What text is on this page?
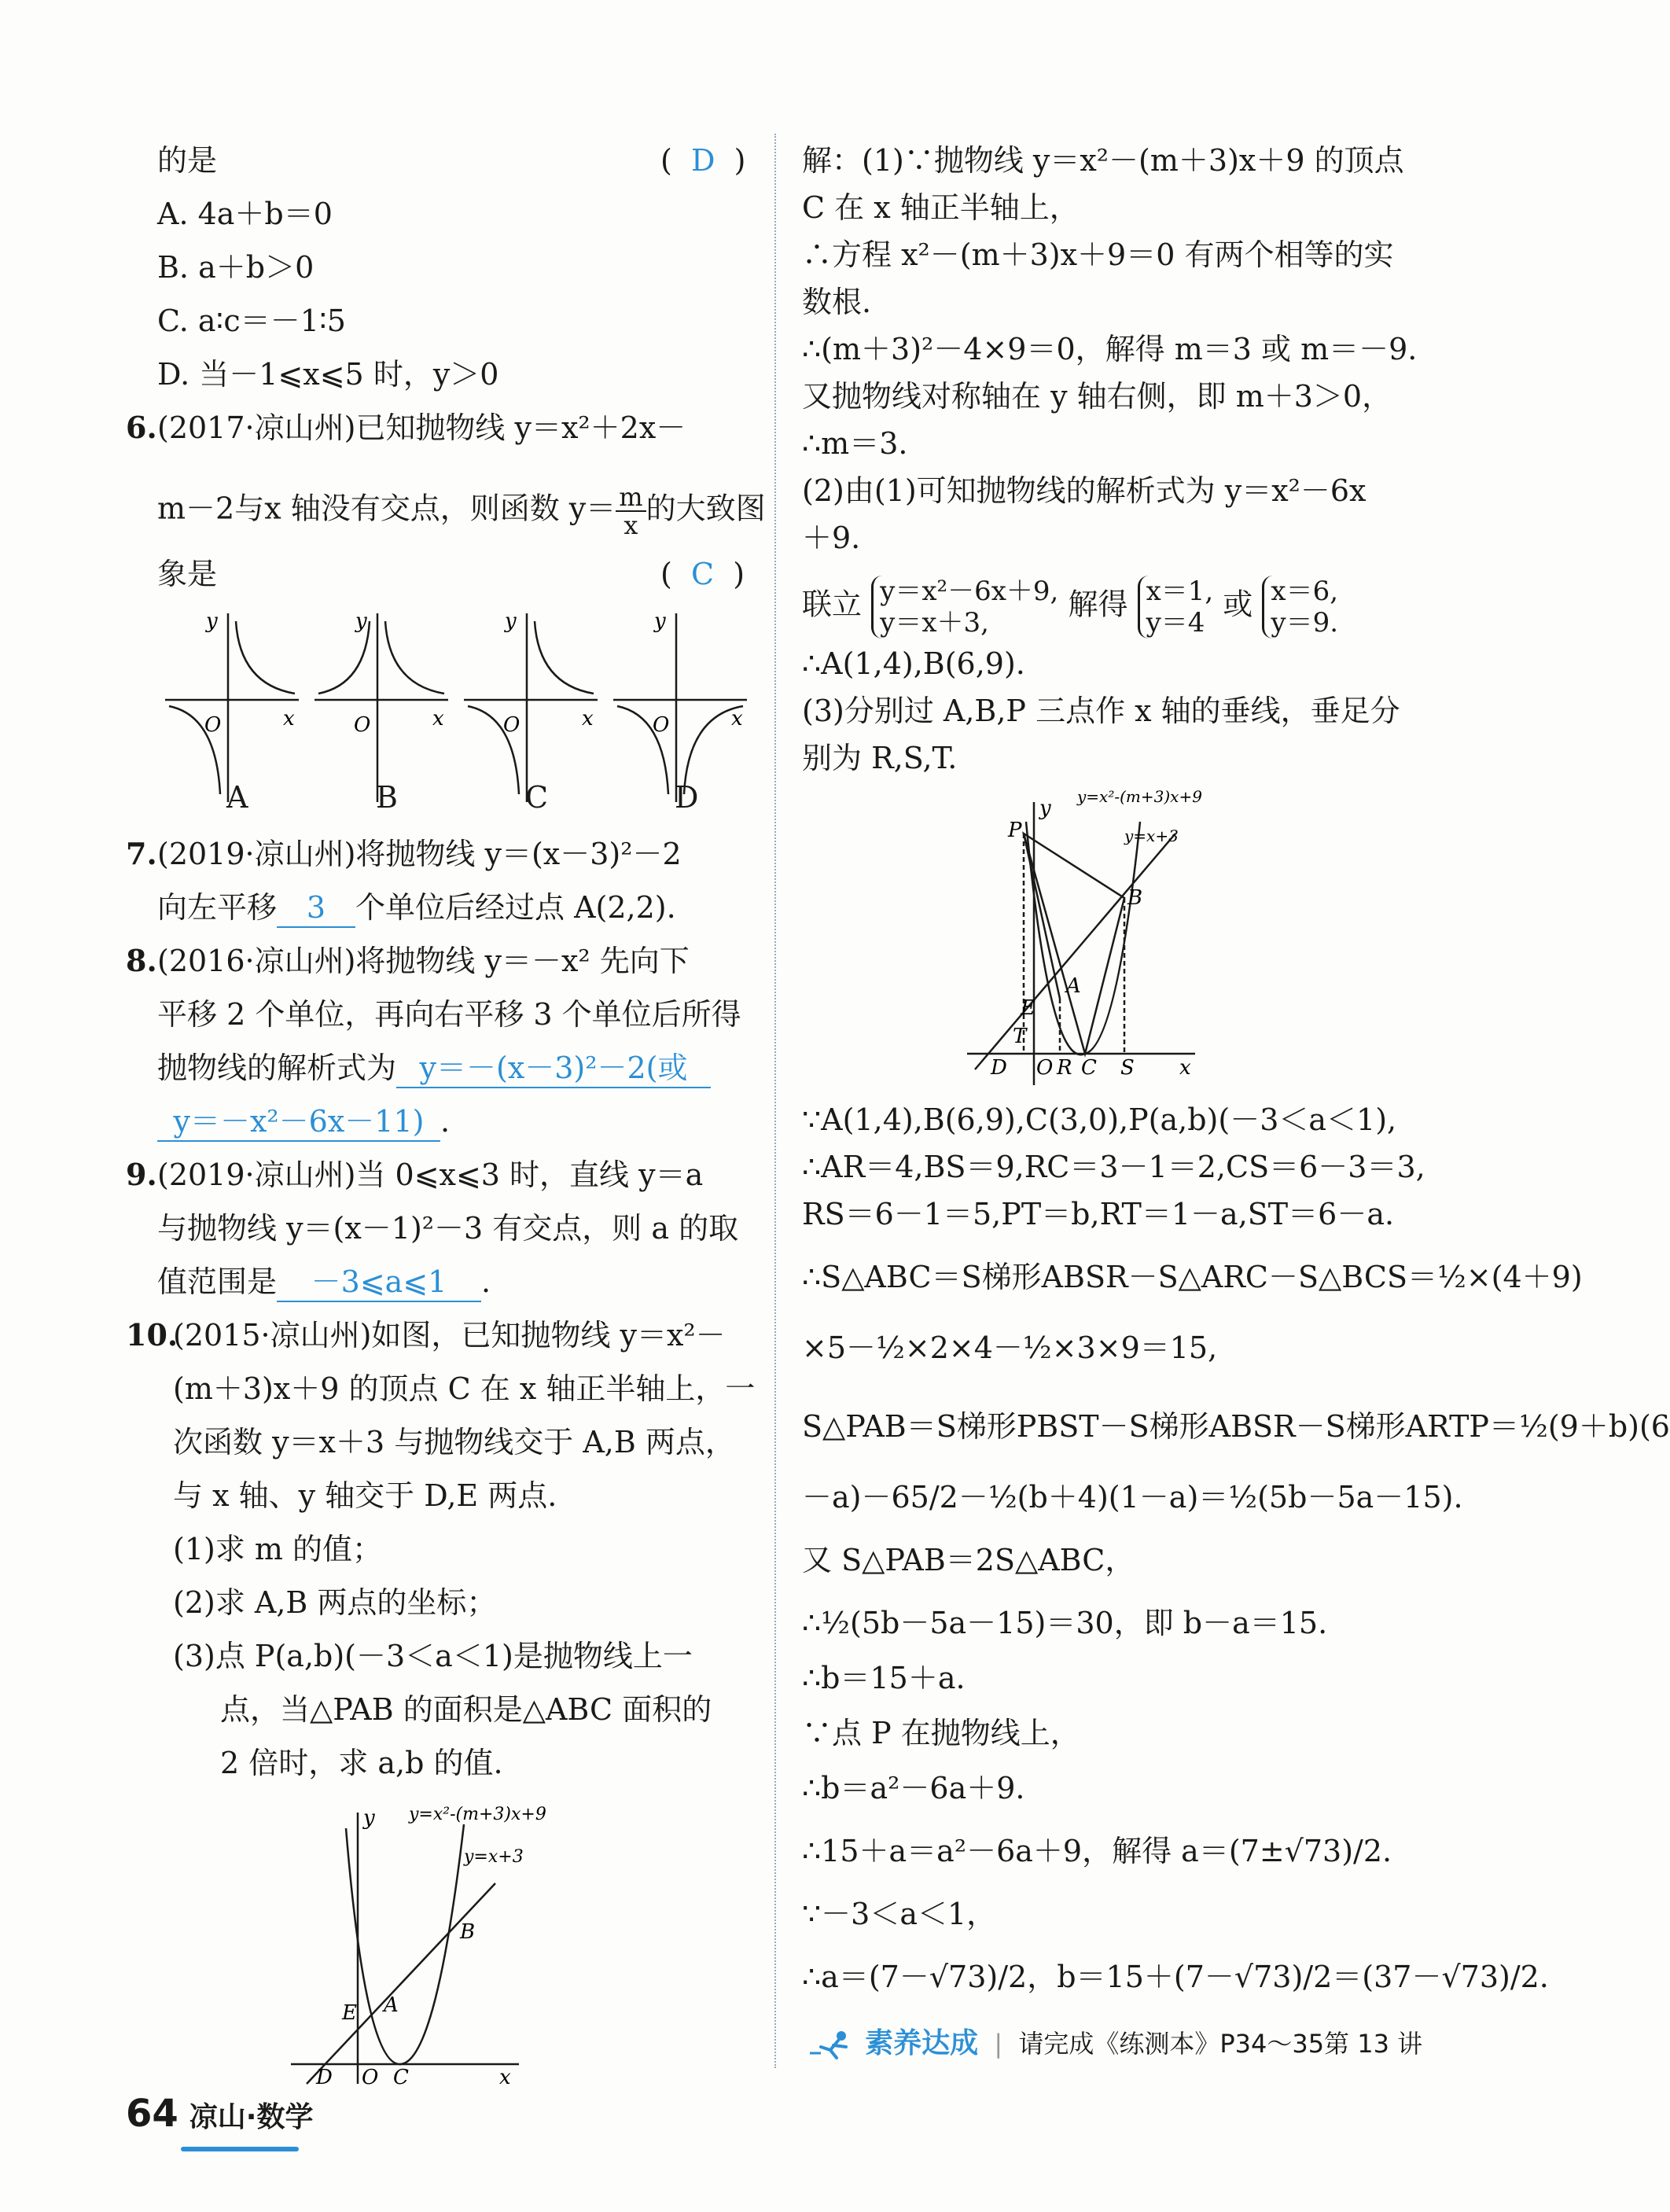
的是	(  D  )
A. 4a＋b＝0
B. a＋b＞0
C. a∶c＝－1∶5
D. 当－1⩽x⩽5 时，y＞0
6. (2017·凉山州)已知抛物线 y＝x²＋2x－
m－2与x 轴没有交点，则函数 $y= \frac{m}{x}$ 的大致图
象是	(  C  )
y
x
O
y
x
O
y
x
O
y
x
O
A	B	C	D
7. (2019·凉山州)将抛物线 y＝(x－3)²－2
向左平移 3 个单位后经过点 A(2,2).
8. (2016·凉山州)将抛物线 y＝－x² 先向下
平移 2 个单位，再向右平移 3 个单位后所得
抛物线的解析式为 y＝－(x－3)²－2(或
y＝－x²－6x－11) .
9. (2019·凉山州)当 0⩽x⩽3 时，直线 y＝a
与抛物线 y＝(x－1)²－3 有交点，则 a 的取
值范围是 －3⩽a⩽1 .
10.
(2015·凉山州)如图，已知抛物线 y＝x²－
(m＋3)x＋9 的顶点 C 在 x 轴正半轴上，一
次函数 y＝x＋3 与抛物线交于 A,B 两点，
与 x 轴、y 轴交于 D,E 两点.
(1)求 m 的值；
(2)求 A,B 两点的坐标；
(3)点 P(a,b)(－3＜a＜1)是抛物线上一
点，当△PAB 的面积是△ABC 面积的
2 倍时，求 a,b 的值.
y=x²-(m+3)x+9
y=x+3
B
E A
D O C	x
y
解：(1)∵抛物线 y＝x²－(m＋3)x＋9 的顶点
C 在 x 轴正半轴上，
∴方程 x²－(m＋3)x＋9＝0 有两个相等的实
数根.
∴(m＋3)²－4×9＝0，解得 m＝3 或 m＝－9.
又抛物线对称轴在 y 轴右侧，即 m＋3＞0，
∴m＝3.
(2)由(1)可知抛物线的解析式为 y＝x²－6x
＋9.
联立 y＝x²－6x＋9,
y＝x＋3,
解得 x＝1,
y＝4
或 x＝6,
y＝9.
∴A(1,4),B(6,9).
(3)分别过 A,B,P 三点作 x 轴的垂线，垂足分
别为 R,S,T.
y=x²-(m+3)x+9
y=x+3
P
B
A
E
D O R C S
T
x
y
∵A(1,4),B(6,9),C(3,0),P(a,b)(－3＜a＜1),
∴AR＝4,BS＝9,RC＝3－1＝2,CS＝6－3＝3,
RS＝6－1＝5,PT＝b,RT＝1－a,ST＝6－a.
∴S△ABC＝S梯形ABSR－S△ARC－S△BCS＝½×(4＋9)
×5－½×2×4－½×3×9＝15,
S△PAB＝S梯形PBST－S梯形ABSR－S梯形ARTP＝½(9＋b)(6
－a)－65/2－½(b＋4)(1－a)＝½(5b－5a－15).
又 S△PAB＝2S△ABC，
∴½(5b－5a－15)＝30，即 b－a＝15.
∴b＝15＋a.
∵点 P 在抛物线上，
∴b＝a²－6a＋9.
∴15＋a＝a²－6a＋9，解得 a＝(7±√73)/2.
∵－3＜a＜1，
∴a＝(7－√73)/2，b＝15＋(7－√73)/2＝(37－√73)/2.
素养达成 | 请完成《练测本》P34～35第 13 讲
64 凉山·数学
